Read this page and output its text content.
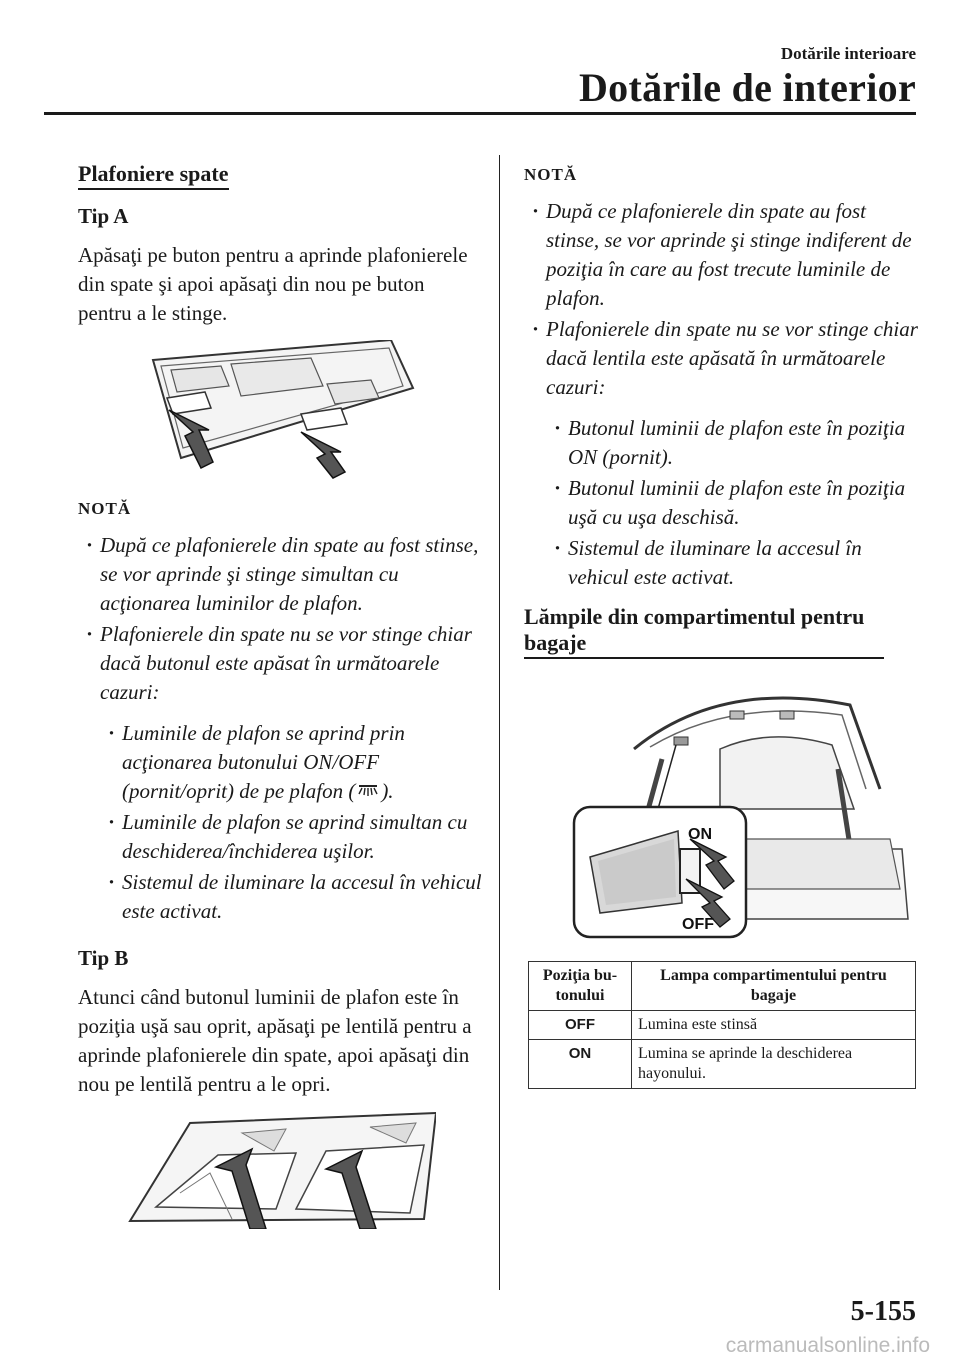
Dotările interioare
Dotările de interior
Plafoniere spate
Tip A

Apăsaţi pe buton pentru a aprinde plafonierele din spate şi apoi apăsaţi din nou pe buton pentru a le stinge.

NOTĂ
· După ce plafonierele din spate au fost stinse, se vor aprinde şi stinge simultan cu acţionarea luminilor de plafon.
· Plafonierele din spate nu se vor stinge chiar dacă butonul este apăsat în următoarele cazuri:
· Luminile de plafon se aprind prin acţionarea butonului ON/OFF (pornit/oprit) de pe plafon ( ).
· Luminile de plafon se aprind simultan cu deschiderea/închiderea uşilor.
· Sistemul de iluminare la accesul în vehicul este activat.
Tip B

Atunci când butonul luminii de plafon este în poziţia uşă sau oprit, apăsaţi pe lentilă pentru a aprinde plafonierele din spate, apoi apăsaţi din nou pe lentilă pentru a le opri.

NOTĂ
· După ce plafonierele din spate au fost stinse, se vor aprinde şi stinge indiferent de poziţia în care au fost trecute luminile de plafon.
· Plafonierele din spate nu se vor stinge chiar dacă lentila este apăsată în următoarele cazuri:
· Butonul luminii de plafon este în poziţia ON (pornit).
· Butonul luminii de plafon este în poziţia uşă cu uşa deschisă.
· Sistemul de iluminare la accesul în vehicul este activat.
Lămpile din compartimentul pentru bagaje
ON
OFF
Poziţia bu-tonului	Lampa compartimentului pentru bagaje
OFF	Lumina este stinsă
ON	Lumina se aprinde la deschiderea hayonului.
5-155
carmanualsonline.info
